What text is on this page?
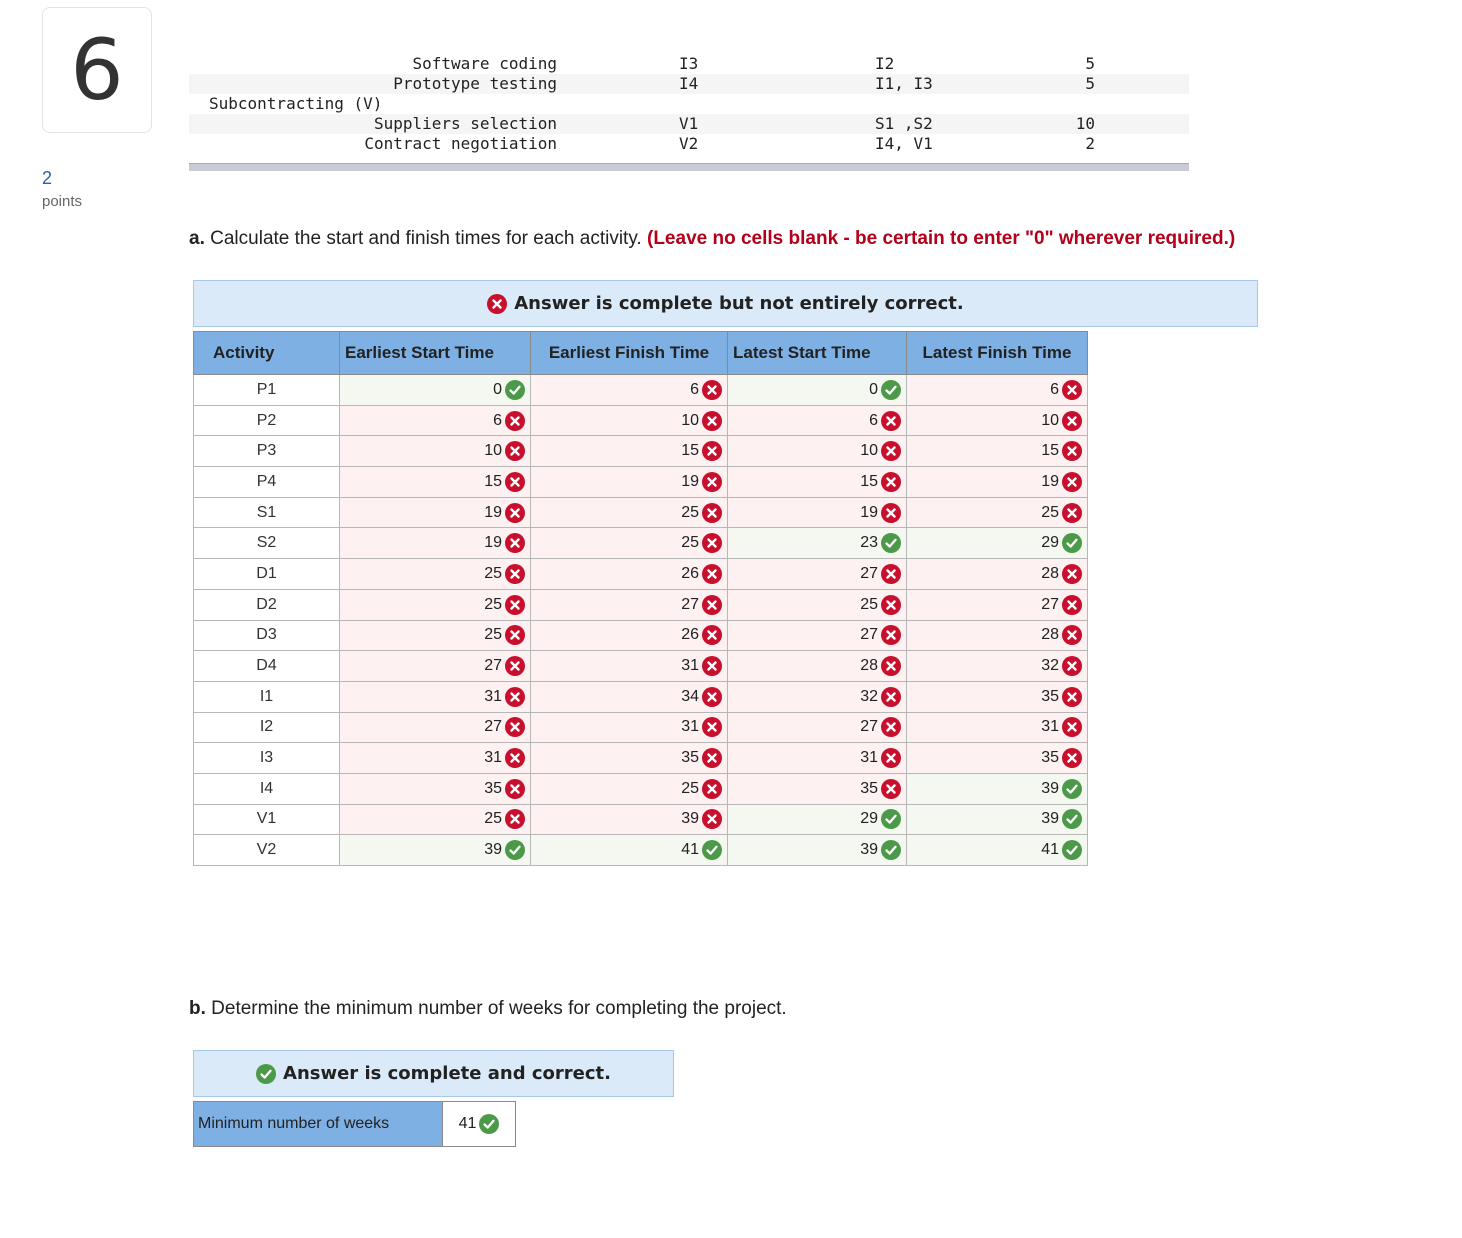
6
2
points
Software coding	I3	I2	5
Prototype testing	I4	I1, I3	5
Subcontracting (V)
Suppliers selection	V1	S1 ,S2	10
Contract negotiation	V2	I4, V1	2
a. Calculate the start and finish times for each activity. (Leave no cells blank - be certain to enter "0" wherever required.)
Answer is complete but not entirely correct.
Activity	Earliest Start Time	Earliest Finish Time	Latest Start Time	Latest Finish Time
P1	0	6	0	6

P2	6	10	6	10

P3	10	15	10	15

P4	15	19	15	19

S1	19	25	19	25

S2	19	25	23	29

D1	25	26	27	28

D2	25	27	25	27

D3	25	26	27	28

D4	27	31	28	32

I1	31	34	32	35

I2	27	31	27	31

I3	31	35	31	35

I4	35	25	35	39

V1	25	39	29	39

V2	39	41	39	41
b. Determine the minimum number of weeks for completing the project.
Answer is complete and correct.
Minimum number of weeks	41
